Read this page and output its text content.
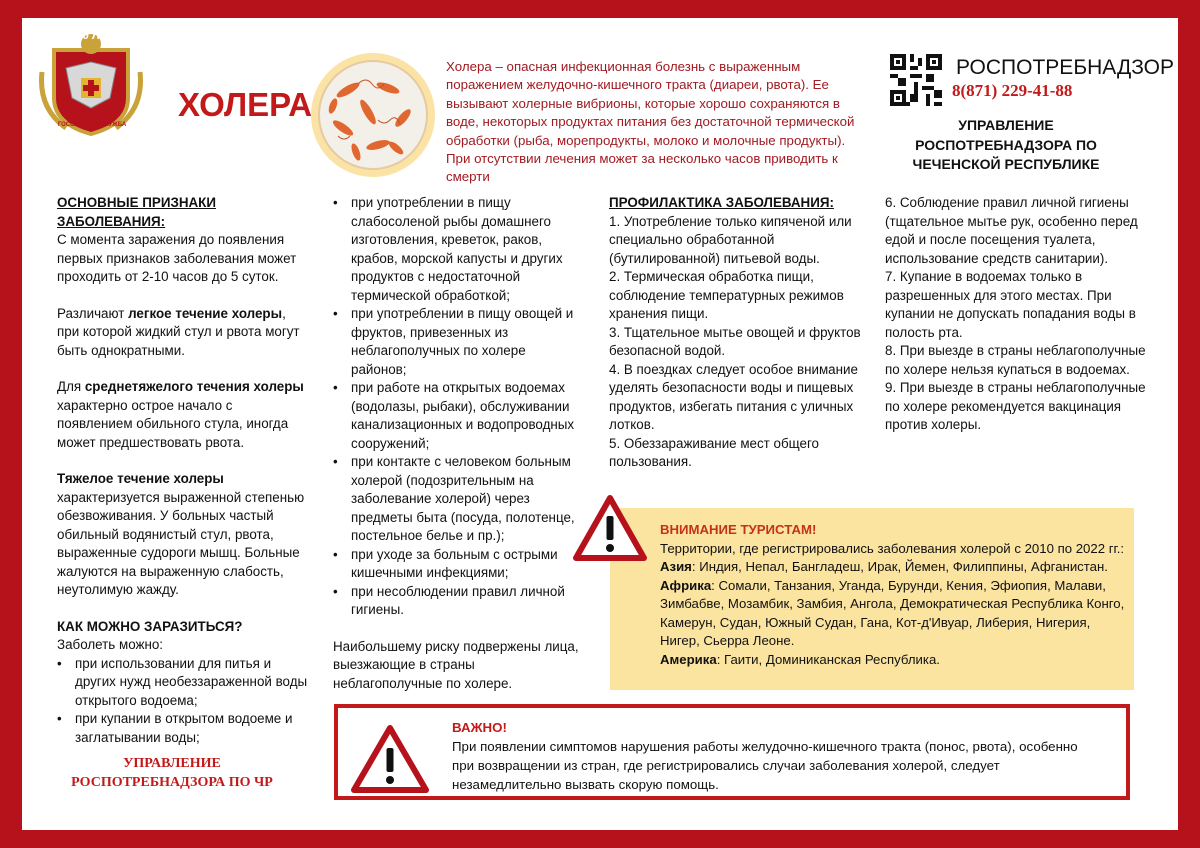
100 ЛЕТ
ГОССАНЭПИДСЛУЖБА
ХОЛЕРА
Холера – опасная инфекционная болезнь с выраженным поражением желудочно-кишечного тракта (диареи, рвота). Ее вызывают холерные вибрионы, которые хорошо сохраняются в воде, некоторых продуктах питания без достаточной термической обработки (рыба, морепродукты, молоко и молочные продукты). При отсутствии лечения может за несколько часов приводить к смерти
РОСПОТРЕБНАДЗОР
8(871) 229-41-88
УПРАВЛЕНИЕ РОСПОТРЕБНАДЗОРА ПО ЧЕЧЕНСКОЙ РЕСПУБЛИКЕ

ОСНОВНЫЕ ПРИЗНАКИ ЗАБОЛЕВАНИЯ:

С момента заражения до появления первых признаков заболевания может проходить от 2-10 часов до 5 суток.

Различают легкое течение холеры, при которой жидкий стул и рвота могут быть однократными.

Для среднетяжелого течения холеры характерно острое начало с появлением обильного стула, иногда может предшествовать рвота.

Тяжелое течение холеры характеризуется выраженной степенью обезвоживания. У больных частый обильный водянистый стул, рвота, выраженные судороги мышц. Больные жалуются на выраженную слабость, неутолимую жажду.

КАК МОЖНО ЗАРАЗИТЬСЯ?

Заболеть можно:

• при использовании для питья и других нужд необеззараженной воды открытого водоема;

• при купании в открытом водоеме и заглатывании воды;

УПРАВЛЕНИЕ РОСПОТРЕБНАДЗОРА ПО ЧР

• при употреблении в пищу слабосоленой рыбы домашнего изготовления, креветок, раков, крабов, морской капусты и других продуктов с недостаточной термической обработкой;

• при употреблении в пищу овощей и фруктов, привезенных из неблагополучных по холере районов;

• при работе на открытых водоемах (водолазы, рыбаки), обслуживании канализационных и водопроводных сооружений;

• при контакте с человеком больным холерой (подозрительным на заболевание холерой) через предметы быта (посуда, полотенце, постельное белье и пр.);

• при уходе за больным с острыми кишечными инфекциями;

• при несоблюдении правил личной гигиены.

Наибольшему риску подвержены лица, выезжающие в страны неблагополучные по холере.

ПРОФИЛАКТИКА ЗАБОЛЕВАНИЯ:

1. Употребление только кипяченой или специально обработанной (бутилированной) питьевой воды.

2. Термическая обработка пищи, соблюдение температурных режимов хранения пищи.

3. Тщательное мытье овощей и фруктов безопасной водой.

4. В поездках следует особое внимание уделять безопасности воды и пищевых продуктов, избегать питания с уличных лотков.

5. Обеззараживание мест общего пользования.

6. Соблюдение правил личной гигиены (тщательное мытье рук, особенно перед едой и после посещения туалета, использование средств санитарии).

7. Купание в водоемах только в разрешенных для этого местах. При купании не допускать попадания воды в полость рта.

8. При выезде в страны неблагополучные по холере нельзя купаться в водоемах.

9. При выезде в страны неблагополучные по холере рекомендуется вакцинация против холеры.

ВНИМАНИЕ ТУРИСТАМ!

Территории, где регистрировались заболевания холерой с 2010 по 2022 гг.:

Азия: Индия, Непал, Бангладеш, Ирак, Йемен, Филиппины, Афганистан.

Африка: Сомали, Танзания, Уганда, Бурунди, Кения, Эфиопия, Малави, Зимбабве, Мозамбик, Замбия, Ангола, Демократическая Республика Конго, Камерун, Судан, Южный Судан, Гана, Кот-д'Ивуар, Либерия, Нигерия, Нигер, Сьерра Леоне.

Америка: Гаити, Доминиканская Республика.

ВАЖНО!

При появлении симптомов нарушения работы желудочно-кишечного тракта (понос, рвота), особенно при возвращении из стран, где регистрировались случаи заболевания холерой, следует незамедлительно вызвать скорую помощь.
